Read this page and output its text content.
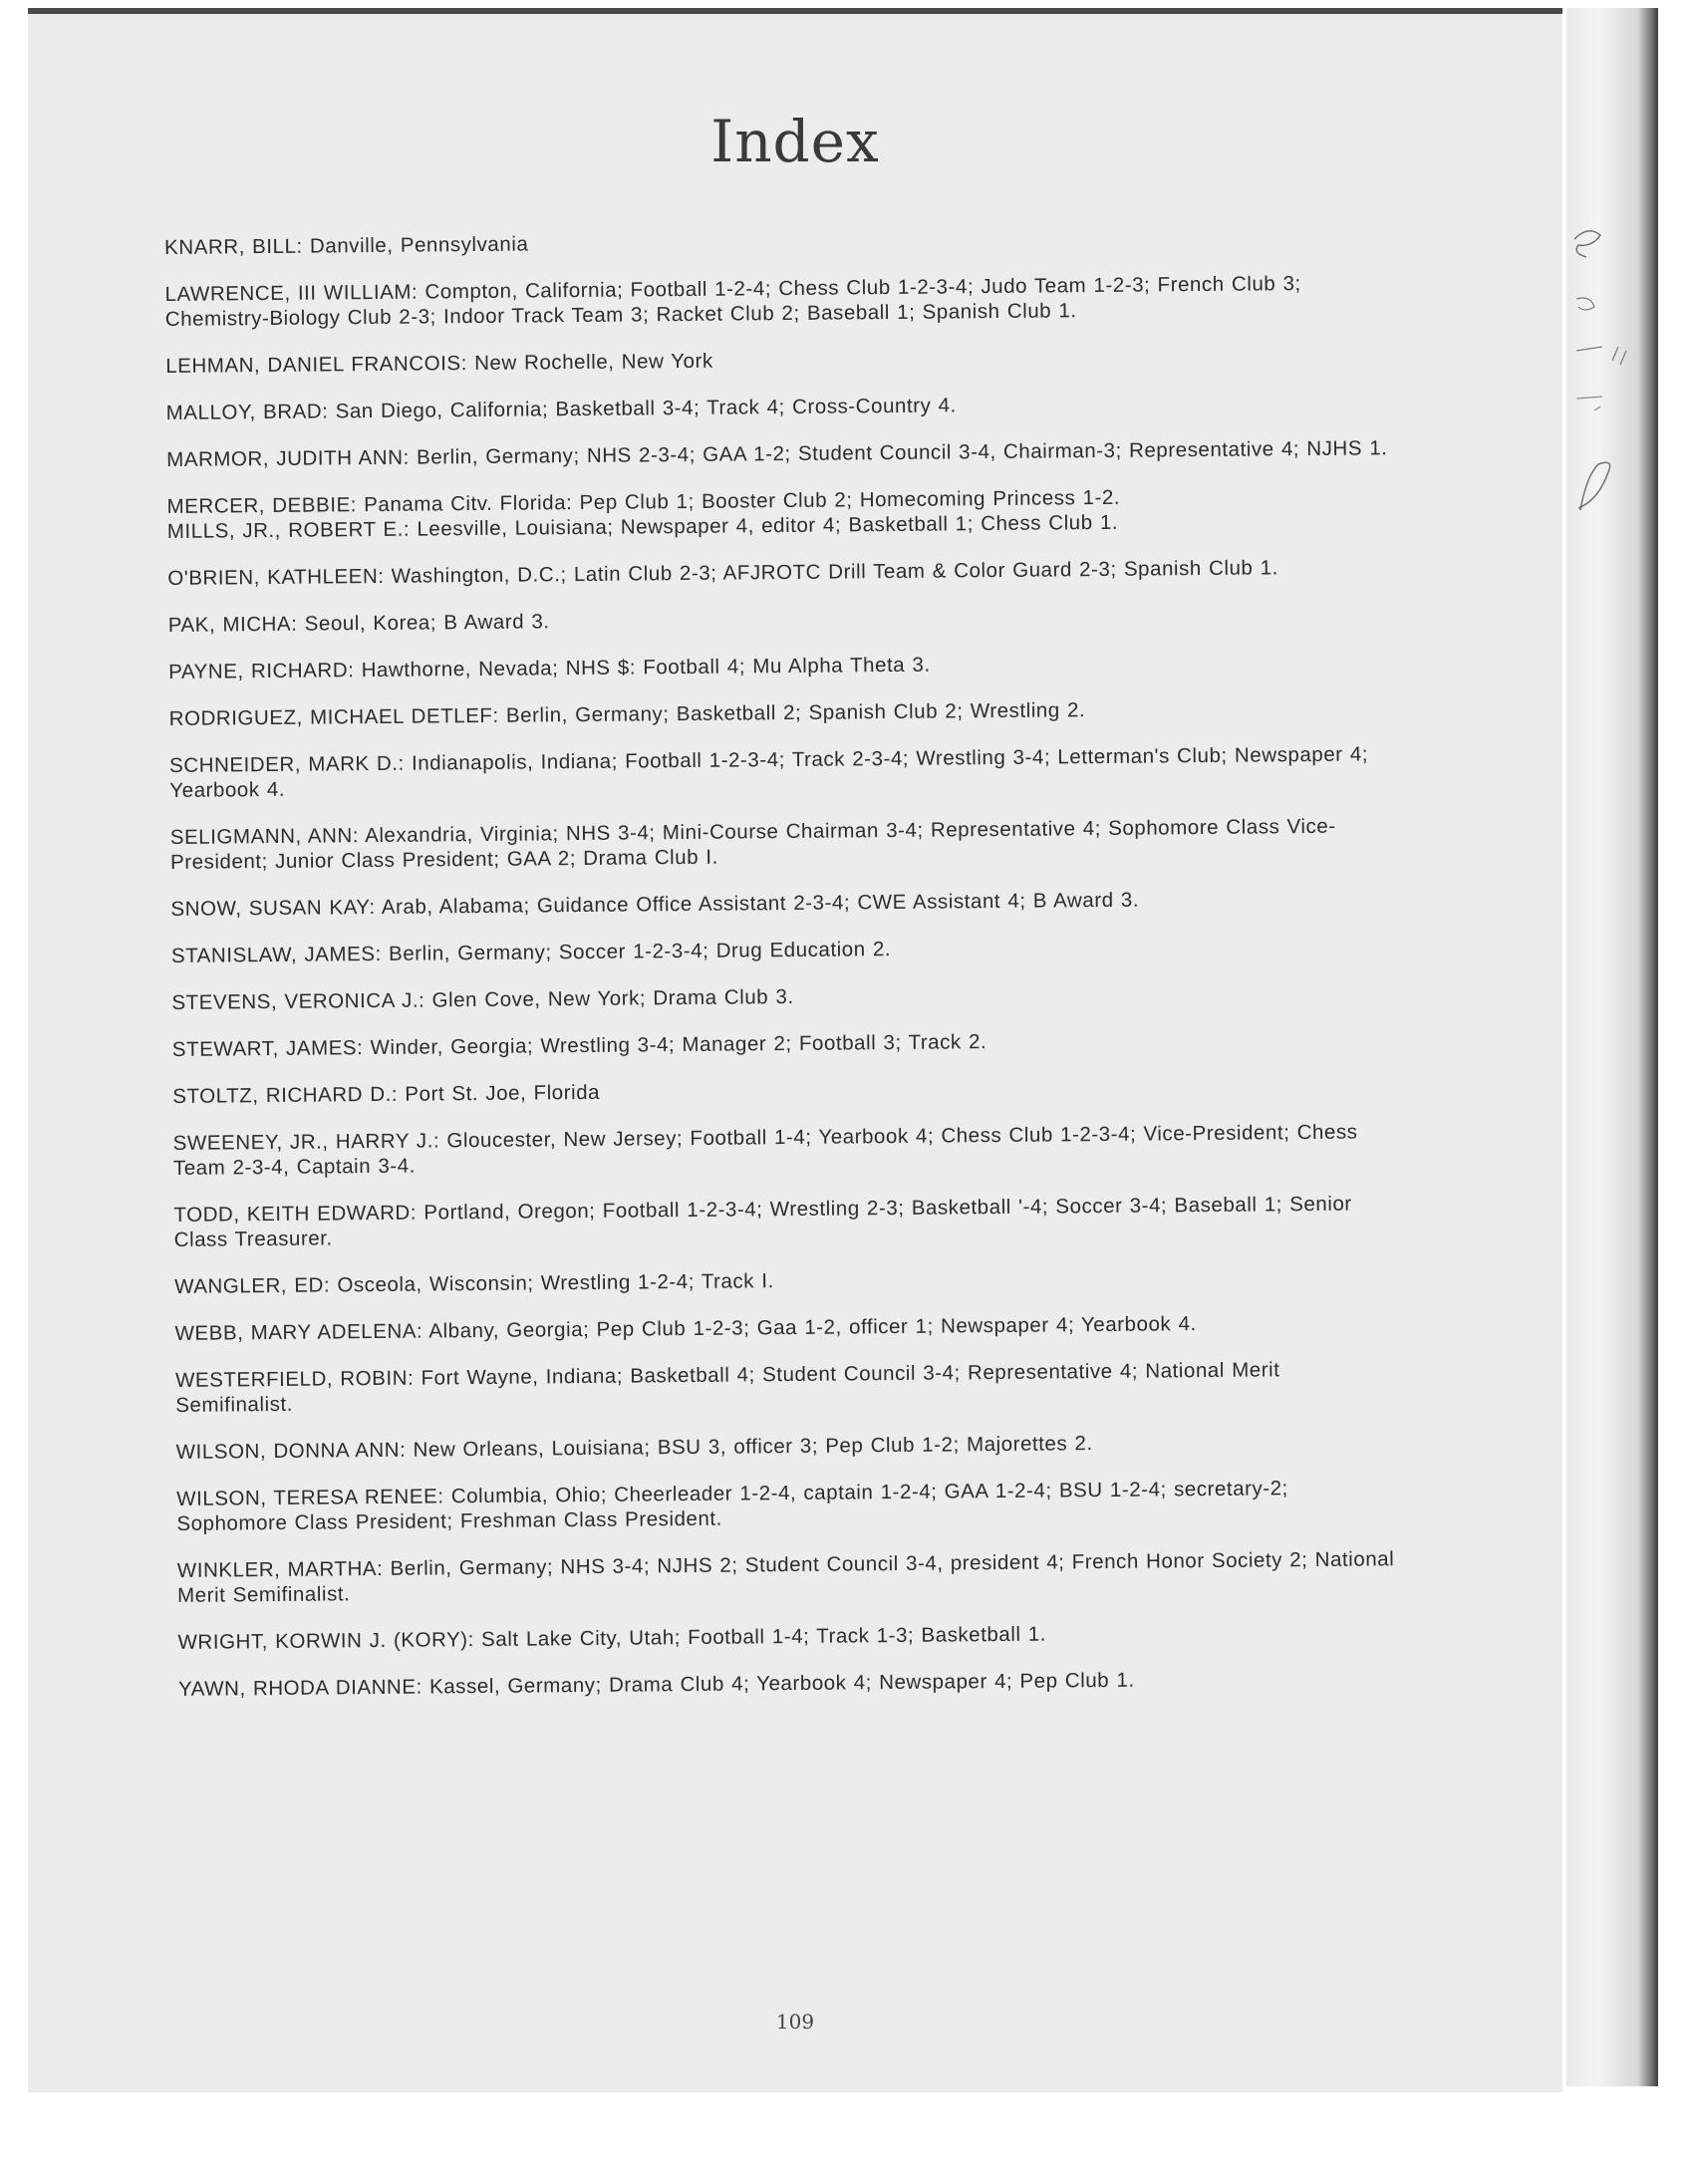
Index

KNARR, BILL: Danville, Pennsylvania

LAWRENCE, III WILLIAM: Compton, California; Football 1-2-4; Chess Club 1-2-3-4; Judo Team 1-2-3; French Club 3; Chemistry-Biology Club 2-3; Indoor Track Team 3; Racket Club 2; Baseball 1; Spanish Club 1.

LEHMAN, DANIEL FRANCOIS: New Rochelle, New York

MALLOY, BRAD: San Diego, California; Basketball 3-4; Track 4; Cross-Country 4.

MARMOR, JUDITH ANN: Berlin, Germany; NHS 2-3-4; GAA 1-2; Student Council 3-4, Chairman-3; Representative 4; NJHS 1.

MERCER, DEBBIE: Panama Citv. Florida: Pep Club 1; Booster Club 2; Homecoming Princess 1-2.

MILLS, JR., ROBERT E.: Leesville, Louisiana; Newspaper 4, editor 4; Basketball 1; Chess Club 1.

O'BRIEN, KATHLEEN: Washington, D.C.; Latin Club 2-3; AFJROTC Drill Team & Color Guard 2-3; Spanish Club 1.

PAK, MICHA: Seoul, Korea; B Award 3.

PAYNE, RICHARD: Hawthorne, Nevada; NHS $: Football 4; Mu Alpha Theta 3.

RODRIGUEZ, MICHAEL DETLEF: Berlin, Germany; Basketball 2; Spanish Club 2; Wrestling 2.

SCHNEIDER, MARK D.: Indianapolis, Indiana; Football 1-2-3-4; Track 2-3-4; Wrestling 3-4; Letterman's Club; Newspaper 4; Yearbook 4.

SELIGMANN, ANN: Alexandria, Virginia; NHS 3-4; Mini-Course Chairman 3-4; Representative 4; Sophomore Class Vice-President; Junior Class President; GAA 2; Drama Club I.

SNOW, SUSAN KAY: Arab, Alabama; Guidance Office Assistant 2-3-4; CWE Assistant 4; B Award 3.

STANISLAW, JAMES: Berlin, Germany; Soccer 1-2-3-4; Drug Education 2.

STEVENS, VERONICA J.: Glen Cove, New York; Drama Club 3.

STEWART, JAMES: Winder, Georgia; Wrestling 3-4; Manager 2; Football 3; Track 2.

STOLTZ, RICHARD D.: Port St. Joe, Florida

SWEENEY, JR., HARRY J.: Gloucester, New Jersey; Football 1-4; Yearbook 4; Chess Club 1-2-3-4; Vice-President; Chess Team 2-3-4, Captain 3-4.

TODD, KEITH EDWARD: Portland, Oregon; Football 1-2-3-4; Wrestling 2-3; Basketball '-4; Soccer 3-4; Baseball 1; Senior Class Treasurer.

WANGLER, ED: Osceola, Wisconsin; Wrestling 1-2-4; Track I.

WEBB, MARY ADELENA: Albany, Georgia; Pep Club 1-2-3; Gaa 1-2, officer 1; Newspaper 4; Yearbook 4.

WESTERFIELD, ROBIN: Fort Wayne, Indiana; Basketball 4; Student Council 3-4; Representative 4; National Merit Semifinalist.

WILSON, DONNA ANN: New Orleans, Louisiana; BSU 3, officer 3; Pep Club 1-2; Majorettes 2.

WILSON, TERESA RENEE: Columbia, Ohio; Cheerleader 1-2-4, captain 1-2-4; GAA 1-2-4; BSU 1-2-4; secretary-2; Sophomore Class President; Freshman Class President.

WINKLER, MARTHA: Berlin, Germany; NHS 3-4; NJHS 2; Student Council 3-4, president 4; French Honor Society 2; National Merit Semifinalist.

WRIGHT, KORWIN J. (KORY): Salt Lake City, Utah; Football 1-4; Track 1-3; Basketball 1.

YAWN, RHODA DIANNE: Kassel, Germany; Drama Club 4; Yearbook 4; Newspaper 4; Pep Club 1.

109
